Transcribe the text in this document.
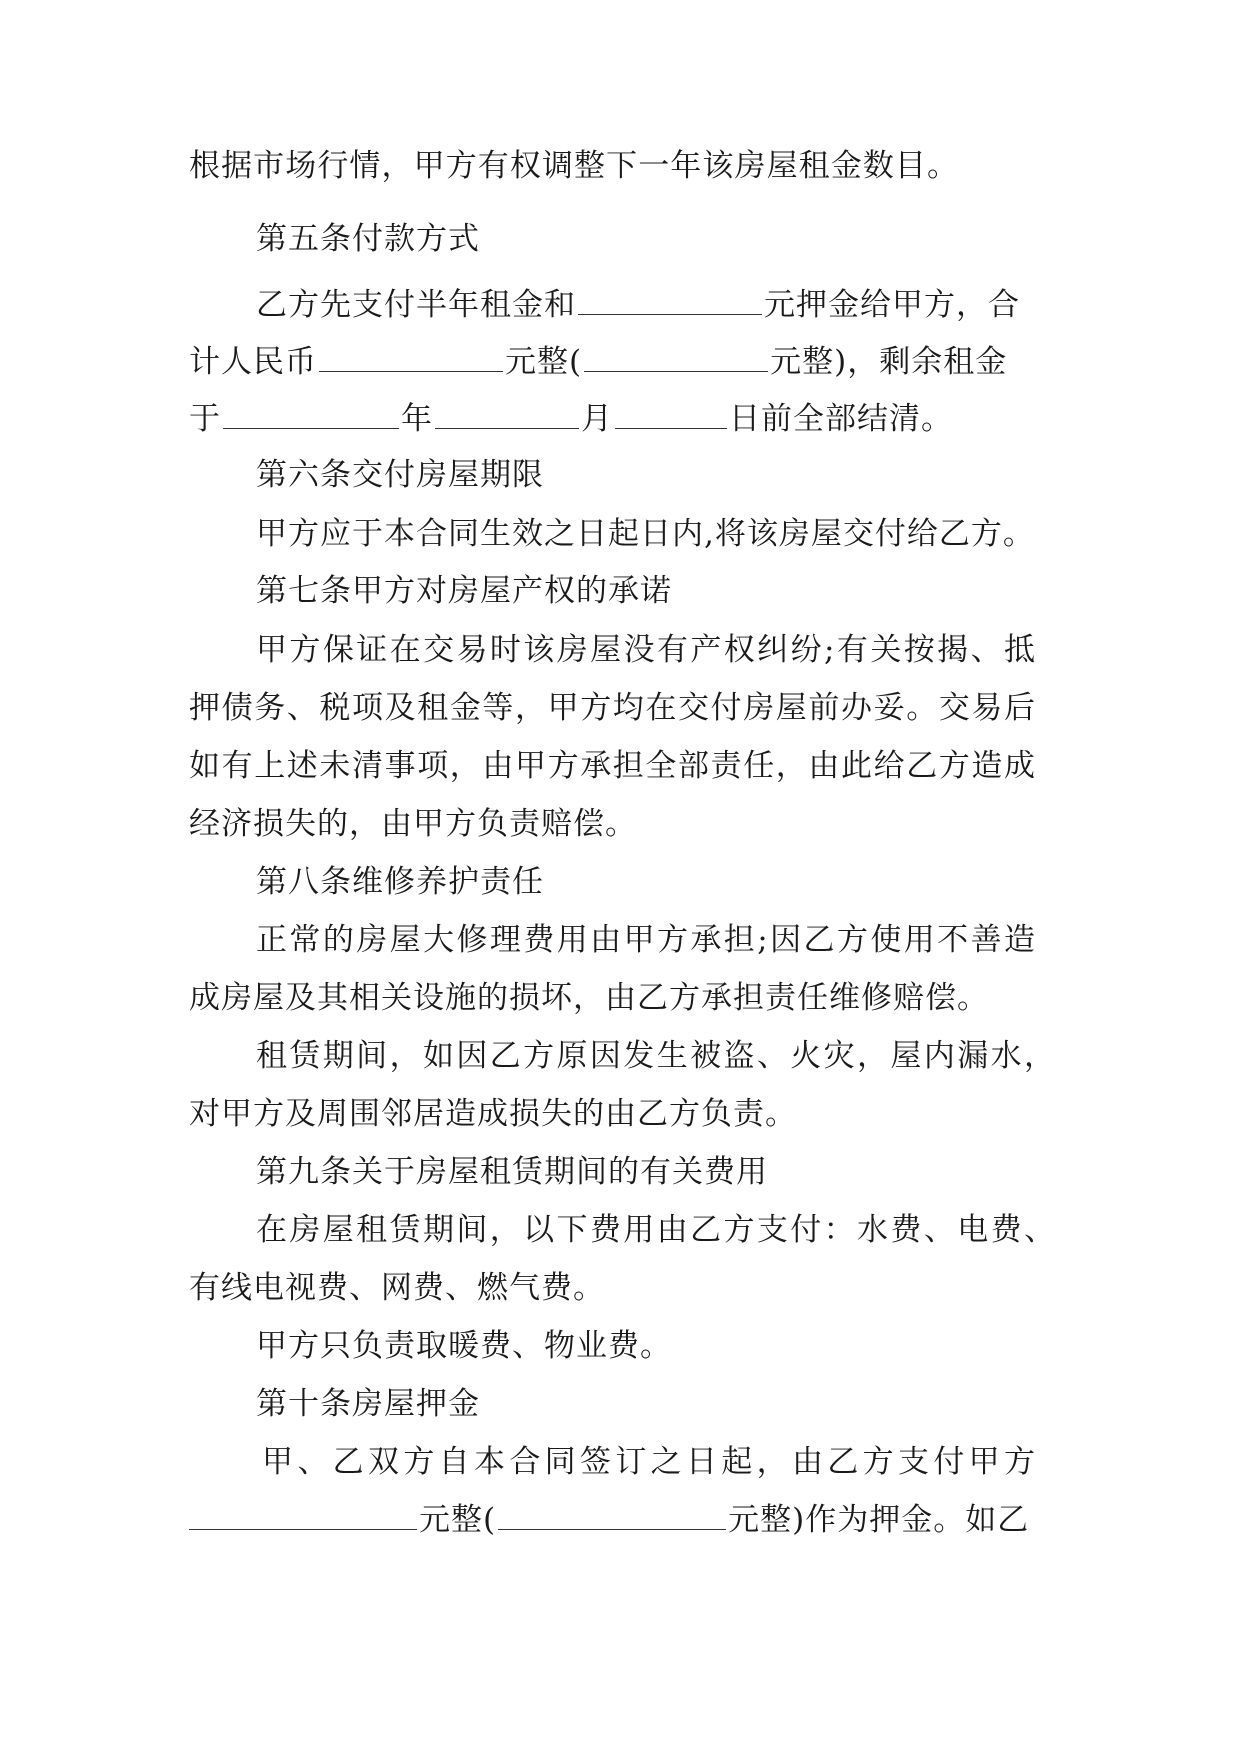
根据市场行情，甲方有权调整下一年该房屋租金数目。
第五条付款方式
乙方先支付半年租金和	元押金给甲方，合
计人民币	元整(	元整)，剩余租金
于	年	月	日前全部结清。
第六条交付房屋期限
甲方应于本合同生效之日起日内,将该房屋交付给乙方。
第七条甲方对房屋产权的承诺
甲方保证在交易时该房屋没有产权纠纷;有关按揭、抵
押债务、税项及租金等，甲方均在交付房屋前办妥。交易后
如有上述未清事项，由甲方承担全部责任，由此给乙方造成
经济损失的，由甲方负责赔偿。
第八条维修养护责任
正常的房屋大修理费用由甲方承担;因乙方使用不善造
成房屋及其相关设施的损坏，由乙方承担责任维修赔偿。
租赁期间，如因乙方原因发生被盗、火灾，屋内漏水，
对甲方及周围邻居造成损失的由乙方负责。
第九条关于房屋租赁期间的有关费用
在房屋租赁期间，以下费用由乙方支付：水费、电费、
有线电视费、网费、燃气费。
甲方只负责取暖费、物业费。
第十条房屋押金
甲、乙双方自本合同签订之日起，由乙方支付甲方
元整(	元整)作为押金。如乙
